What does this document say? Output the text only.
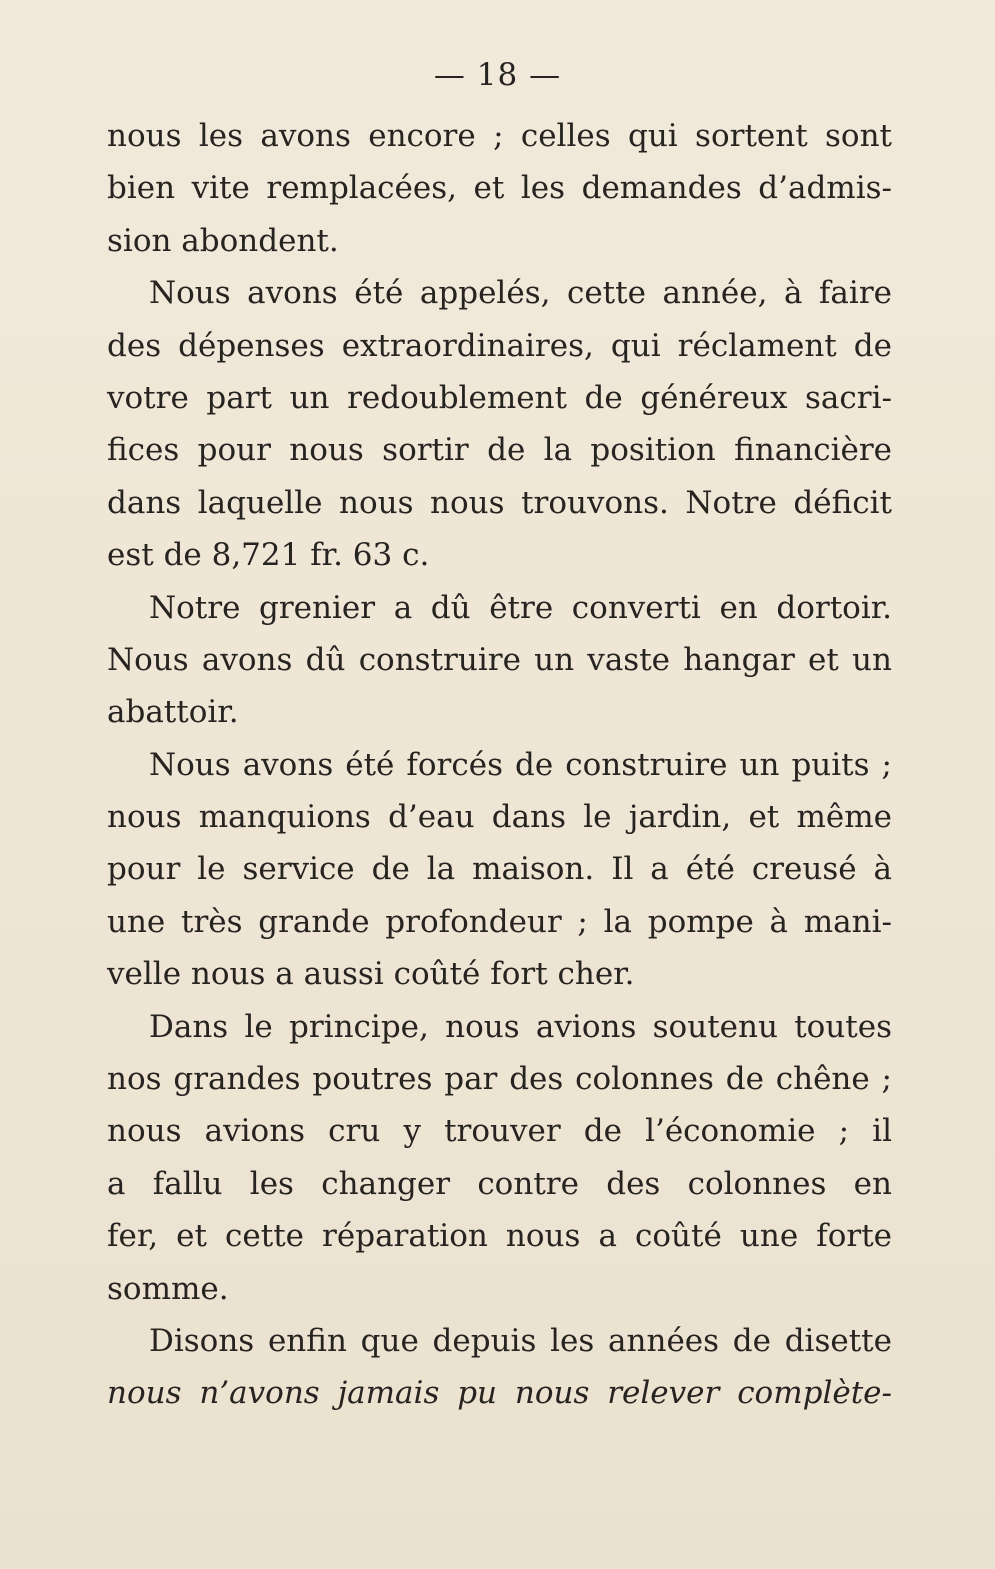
— 18 —
nous les avons encore ; celles qui sortent sont
bien vite remplacées, et les demandes d’admis-
sion abondent.
Nous avons été appelés, cette année, à faire
des dépenses extraordinaires, qui réclament de
votre part un redoublement de généreux sacri-
fices pour nous sortir de la position financière
dans laquelle nous nous trouvons. Notre déficit
est de 8,721 fr. 63 c.
Notre grenier a dû être converti en dortoir.
Nous avons dû construire un vaste hangar et un
abattoir.
Nous avons été forcés de construire un puits ;
nous manquions d’eau dans le jardin, et même
pour le service de la maison. Il a été creusé à
une très grande profondeur ; la pompe à mani-
velle nous a aussi coûté fort cher.
Dans le principe, nous avions soutenu toutes
nos grandes poutres par des colonnes de chêne ;
nous avions cru y trouver de l’économie ; il
a fallu les changer contre des colonnes en
fer, et cette réparation nous a coûté une forte
somme.
Disons enfin que depuis les années de disette
nous n’avons jamais pu nous relever complète-
